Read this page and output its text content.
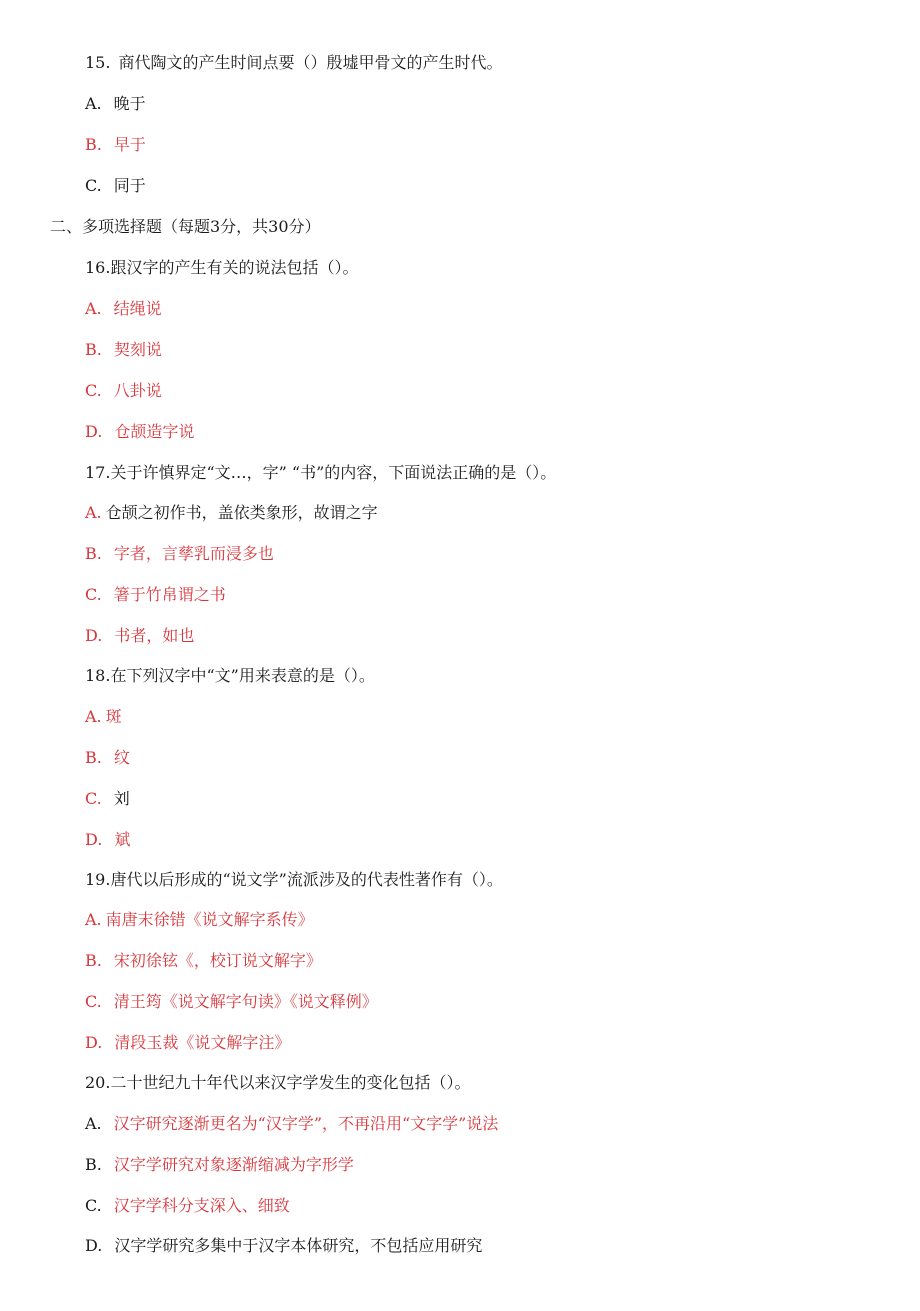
15. 商代陶文的产生时间点要（）殷墟甲骨文的产生时代。
A. 晚于
B. 早于
C. 同于
二、多项选择题（每题3分，共30分）
16.跟汉字的产生有关的说法包括（）。
A. 结绳说
B. 契刻说
C. 八卦说
D. 仓颉造字说
17.关于许慎界定“文…，字” “书”的内容，下面说法正确的是（）。
A. 仓颉之初作书，盖依类象形，故谓之字
B. 字者，言孳乳而浸多也
C. 箸于竹帛谓之书
D. 书者，如也
18.在下列汉字中“文”用来表意的是（）。
A. 斑
B. 纹
C. 刘
D. 斌
19.唐代以后形成的“说文学”流派涉及的代表性著作有（）。
A. 南唐末徐错《说文解字系传》
B. 宋初徐铉《，校订说文解字》
C. 清王筠《说文解字句读》《说文释例》
D. 清段玉裁《说文解字注》
20.二十世纪九十年代以来汉字学发生的变化包括（）。
A. 汉字研究逐渐更名为“汉字学”，不再沿用“文字学”说法
B. 汉字学研究对象逐渐缩减为字形学
C. 汉字学科分支深入、细致
D. 汉字学研究多集中于汉字本体研究，不包括应用研究
